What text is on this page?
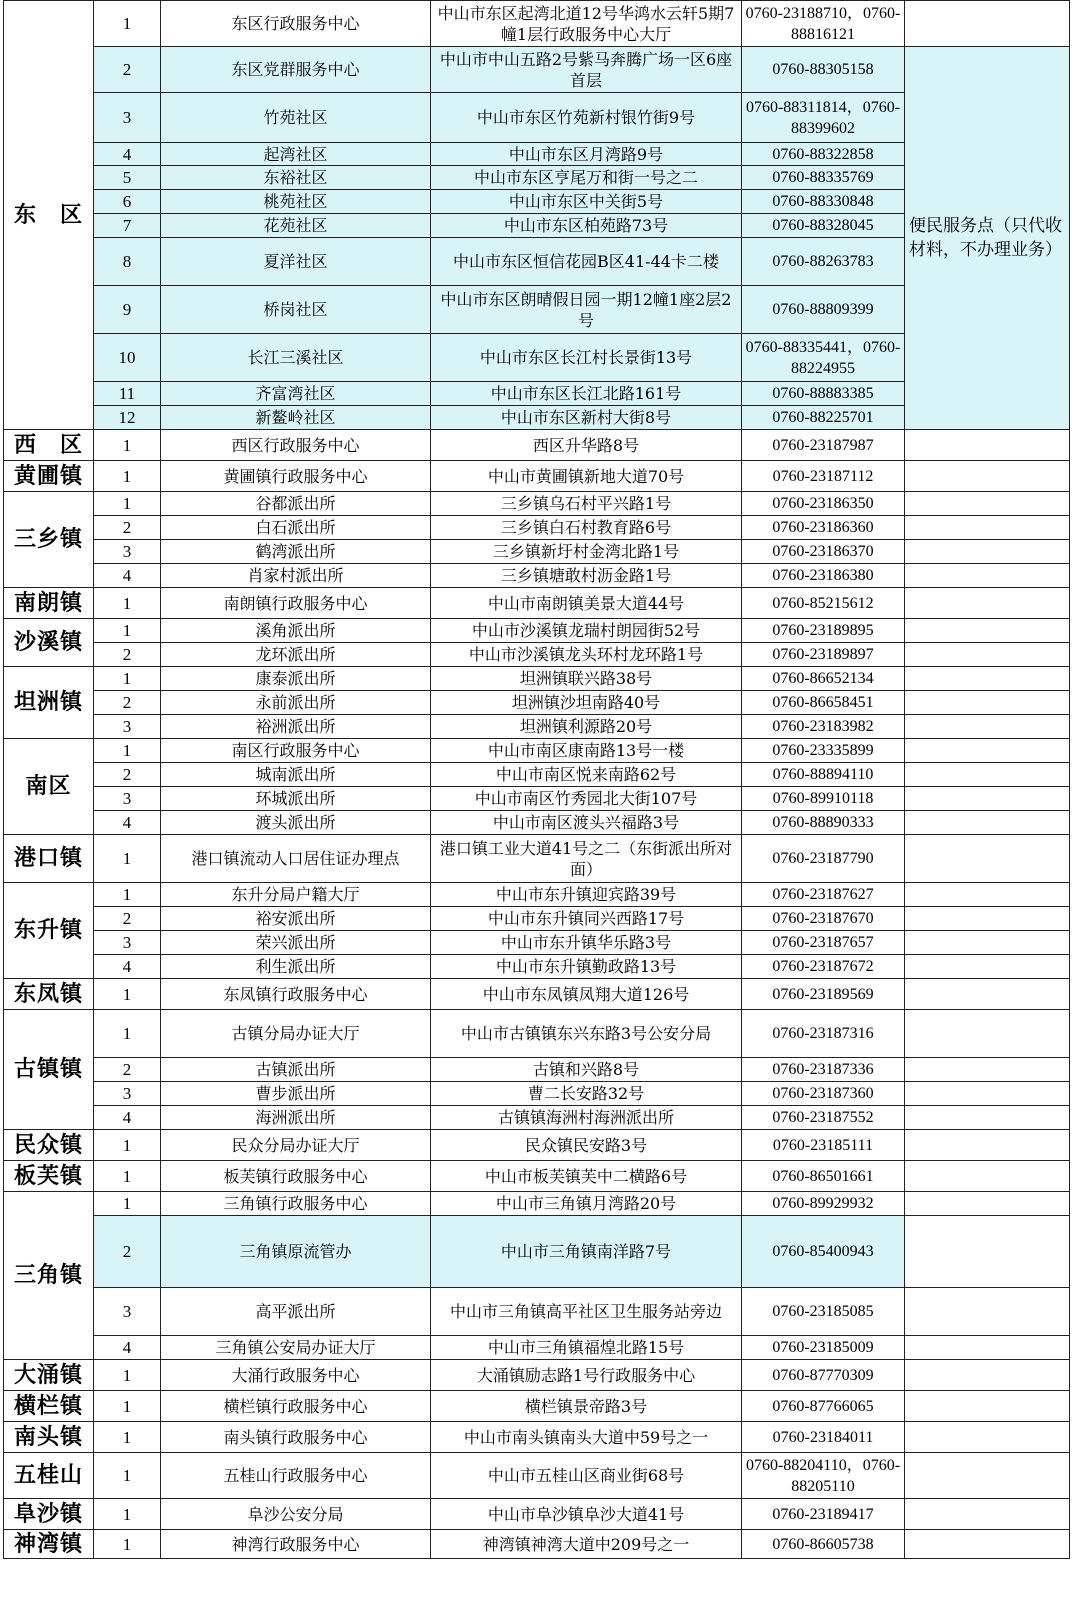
东　区	1	东区行政服务中心	中山市东区起湾北道12号华鸿水云轩5期7幢1层行政服务中心大厅	0760-23188710，0760-88816121	
	2	东区党群服务中心	中山市中山五路2号紫马奔腾广场一区6座首层	0760-88305158	便民服务点（只代收材料，不办理业务）
	3	竹苑社区	中山市东区竹苑新村银竹街9号	0760-88311814，0760-88399602	
	4	起湾社区	中山市东区月湾路9号	0760-88322858	
	5	东裕社区	中山市东区亨尾万和街一号之二	0760-88335769	
	6	桃苑社区	中山市东区中关街5号	0760-88330848	
	7	花苑社区	中山市东区柏苑路73号	0760-88328045	
	8	夏洋社区	中山市东区恒信花园B区41-44卡二楼	0760-88263783	
	9	桥岗社区	中山市东区朗晴假日园一期12幢1座2层2号	0760-88809399	
	10	长江三溪社区	中山市东区长江村长景街13号	0760-88335441，0760-88224955	
	11	齐富湾社区	中山市东区长江北路161号	0760-88883385	
	12	新鳌岭社区	中山市东区新村大街8号	0760-88225701	
西　区	1	西区行政服务中心	西区升华路8号	0760-23187987	
黄圃镇	1	黄圃镇行政服务中心	中山市黄圃镇新地大道70号	0760-23187112	
三乡镇	1	谷都派出所	三乡镇乌石村平兴路1号	0760-23186350	
	2	白石派出所	三乡镇白石村教育路6号	0760-23186360	
	3	鹤湾派出所	三乡镇新圩村金湾北路1号	0760-23186370	
	4	肖家村派出所	三乡镇塘敢村沥金路1号	0760-23186380	
南朗镇	1	南朗镇行政服务中心	中山市南朗镇美景大道44号	0760-85215612	
沙溪镇	1	溪角派出所	中山市沙溪镇龙瑞村朗园街52号	0760-23189895	
	2	龙环派出所	中山市沙溪镇龙头环村龙环路1号	0760-23189897	
坦洲镇	1	康泰派出所	坦洲镇联兴路38号	0760-86652134	
	2	永前派出所	坦洲镇沙坦南路40号	0760-86658451	
	3	裕洲派出所	坦洲镇利源路20号	0760-23183982	
南区	1	南区行政服务中心	中山市南区康南路13号一楼	0760-23335899	
	2	城南派出所	中山市南区悦来南路62号	0760-88894110	
	3	环城派出所	中山市南区竹秀园北大街107号	0760-89910118	
	4	渡头派出所	中山市南区渡头兴福路3号	0760-88890333	
港口镇	1	港口镇流动人口居住证办理点	港口镇工业大道41号之二（东街派出所对面）	0760-23187790	
东升镇	1	东升分局户籍大厅	中山市东升镇迎宾路39号	0760-23187627	
	2	裕安派出所	中山市东升镇同兴西路17号	0760-23187670	
	3	荣兴派出所	中山市东升镇华乐路3号	0760-23187657	
	4	利生派出所	中山市东升镇勤政路13号	0760-23187672	
东凤镇	1	东凤镇行政服务中心	中山市东凤镇凤翔大道126号	0760-23189569	
古镇镇	1	古镇分局办证大厅	中山市古镇镇东兴东路3号公安分局	0760-23187316	
	2	古镇派出所	古镇和兴路8号	0760-23187336	
	3	曹步派出所	曹二长安路32号	0760-23187360	
	4	海洲派出所	古镇镇海洲村海洲派出所	0760-23187552	
民众镇	1	民众分局办证大厅	民众镇民安路3号	0760-23185111	
板芙镇	1	板芙镇行政服务中心	中山市板芙镇芙中二横路6号	0760-86501661	
三角镇	1	三角镇行政服务中心	中山市三角镇月湾路20号	0760-89929932	
	2	三角镇原流管办	中山市三角镇南洋路7号	0760-85400943	
	3	高平派出所	中山市三角镇高平社区卫生服务站旁边	0760-23185085	
	4	三角镇公安局办证大厅	中山市三角镇福煌北路15号	0760-23185009	
大涌镇	1	大涌行政服务中心	大涌镇励志路1号行政服务中心	0760-87770309	
横栏镇	1	横栏镇行政服务中心	横栏镇景帝路3号	0760-87766065	
南头镇	1	南头镇行政服务中心	中山市南头镇南头大道中59号之一	0760-23184011	
五桂山	1	五桂山行政服务中心	中山市五桂山区商业街68号	0760-88204110，0760-88205110	
阜沙镇	1	阜沙公安分局	中山市阜沙镇阜沙大道41号	0760-23189417	
神湾镇	1	神湾行政服务中心	神湾镇神湾大道中209号之一	0760-86605738	
